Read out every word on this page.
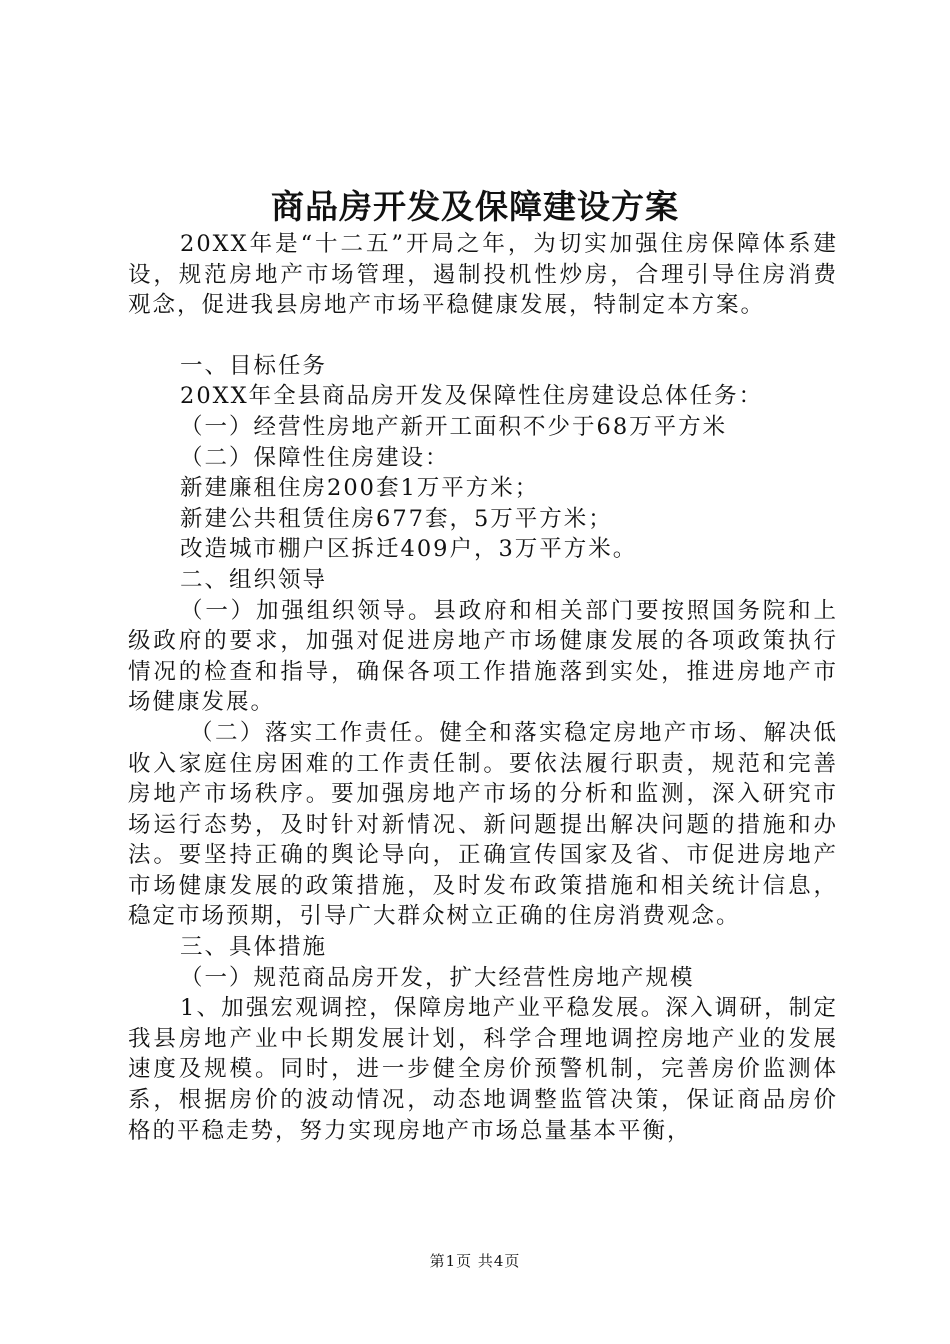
商品房开发及保障建设方案

20XX年是“十二五”开局之年，为切实加强住房保障体系建设，规范房地产市场管理，遏制投机性炒房，合理引导住房消费观念，促进我县房地产市场平稳健康发展，特制定本方案。

一、目标任务

20XX年全县商品房开发及保障性住房建设总体任务：

（一）经营性房地产新开工面积不少于68万平方米

（二）保障性住房建设：

新建廉租住房200套1万平方米；

新建公共租赁住房677套，5万平方米；

改造城市棚户区拆迁409户，3万平方米。

二、组织领导

（一）加强组织领导。县政府和相关部门要按照国务院和上级政府的要求，加强对促进房地产市场健康发展的各项政策执行情况的检查和指导，确保各项工作措施落到实处，推进房地产市场健康发展。

（二）落实工作责任。健全和落实稳定房地产市场、解决低收入家庭住房困难的工作责任制。要依法履行职责，规范和完善房地产市场秩序。要加强房地产市场的分析和监测，深入研究市场运行态势，及时针对新情况、新问题提出解决问题的措施和办法。要坚持正确的舆论导向，正确宣传国家及省、市促进房地产市场健康发展的政策措施，及时发布政策措施和相关统计信息，稳定市场预期，引导广大群众树立正确的住房消费观念。

三、具体措施

（一）规范商品房开发，扩大经营性房地产规模

1、加强宏观调控，保障房地产业平稳发展。深入调研，制定我县房地产业中长期发展计划，科学合理地调控房地产业的发展速度及规模。同时，进一步健全房价预警机制，完善房价监测体系，根据房价的波动情况，动态地调整监管决策，保证商品房价格的平稳走势，努力实现房地产市场总量基本平衡，

第1页 共4页
